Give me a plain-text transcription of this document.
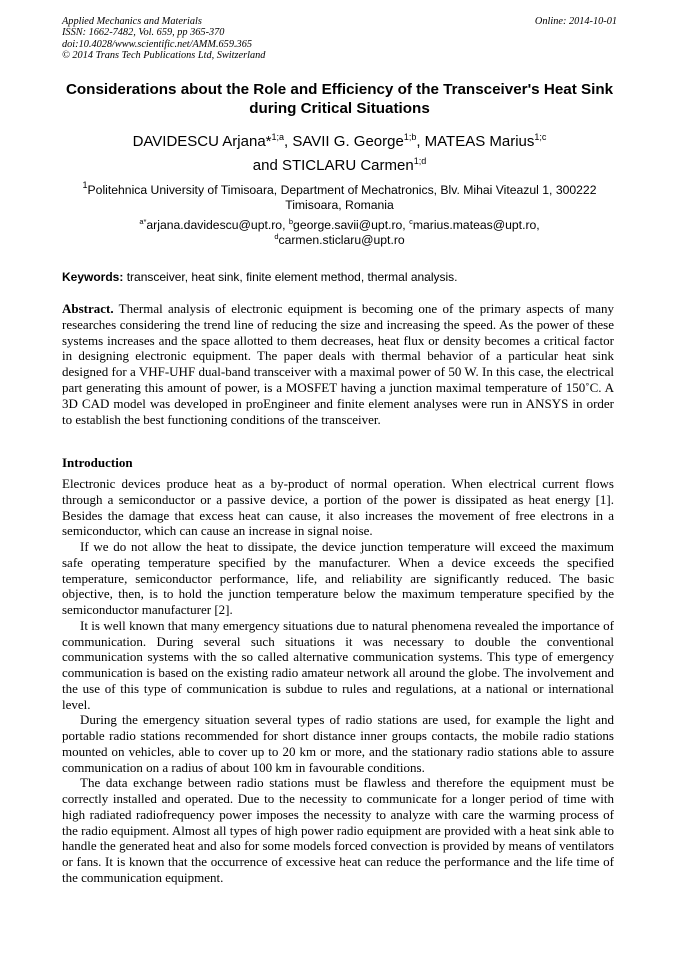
Applied Mechanics and Materials
ISSN: 1662-7482, Vol. 659, pp 365-370
doi:10.4028/www.scientific.net/AMM.659.365
© 2014 Trans Tech Publications Ltd, Switzerland
Online: 2014-10-01
Considerations about the Role and Efficiency of the Transceiver's Heat Sink during Critical Situations
DAVIDESCU Arjana*$^{1;a}$, SAVII G. George$^{1;b}$, MATEAS Marius$^{1;c}$
and STICLARU Carmen$^{1;d}$
$^1$Politehnica University of Timisoara, Department of Mechatronics, Blv. Mihai Viteazul 1, 300222
Timisoara, Romania
$^{a*}$arjana.davidescu@upt.ro, $^b$george.savii@upt.ro, $^c$marius.mateas@upt.ro,
$^d$carmen.sticlaru@upt.ro
Keywords: transceiver, heat sink, finite element method, thermal analysis.
Abstract. Thermal analysis of electronic equipment is becoming one of the primary aspects of many researches considering the trend line of reducing the size and increasing the speed. As the power of these systems increases and the space allotted to them decreases, heat flux or density becomes a critical factor in designing electronic equipment. The paper deals with thermal behavior of a particular heat sink designed for a VHF-UHF dual-band transceiver with a maximal power of 50 W. In this case, the electrical part generating this amount of power, is a MOSFET having a junction maximal temperature of 150˚C. A 3D CAD model was developed in proEngineer and finite element analyses were run in ANSYS in order to establish the best functioning conditions of the transceiver.
Introduction

Electronic devices produce heat as a by-product of normal operation. When electrical current flows through a semiconductor or a passive device, a portion of the power is dissipated as heat energy [1]. Besides the damage that excess heat can cause, it also increases the movement of free electrons in a semiconductor, which can cause an increase in signal noise.

If we do not allow the heat to dissipate, the device junction temperature will exceed the maximum safe operating temperature specified by the manufacturer. When a device exceeds the specified temperature, semiconductor performance, life, and reliability are significantly reduced. The basic objective, then, is to hold the junction temperature below the maximum temperature specified by the semiconductor manufacturer [2].

It is well known that many emergency situations due to natural phenomena revealed the importance of communication. During several such situations it was necessary to double the conventional communication systems with the so called alternative communication systems. This type of emergency communication is based on the existing radio amateur network all around the globe. The involvement and the use of this type of communication is subdue to rules and regulations, at a national or international level.

During the emergency situation several types of radio stations are used, for example the light and portable radio stations recommended for short distance inner groups contacts, the mobile radio stations mounted on vehicles, able to cover up to 20 km or more, and the stationary radio stations able to assure communication on a radius of about 100 km in favourable conditions.

The data exchange between radio stations must be flawless and therefore the equipment must be correctly installed and operated. Due to the necessity to communicate for a longer period of time with high radiated radiofrequency power imposes the necessity to analyze with care the warming process of the radio equipment. Almost all types of high power radio equipment are provided with a heat sink able to handle the generated heat and also for some models forced convection is provided by means of ventilators or fans. It is known that the occurrence of excessive heat can reduce the performance and the life time of the communication equipment.
